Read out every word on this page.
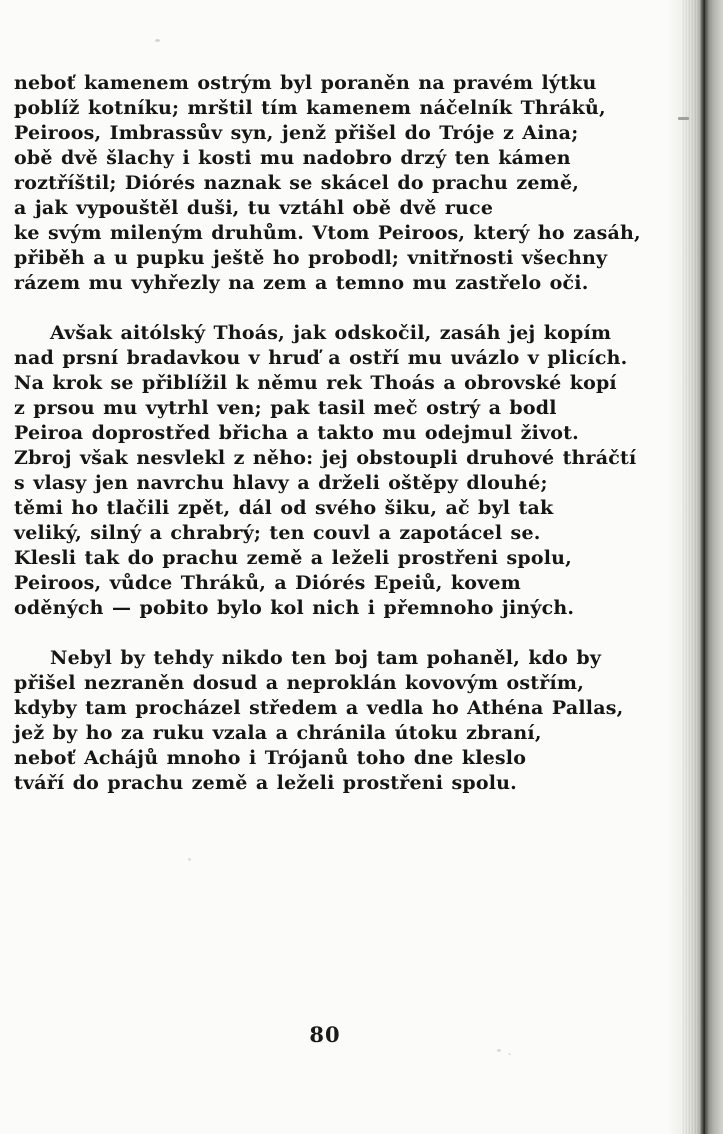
neboť kamenem ostrým byl poraněn na pravém lýtku
poblíž kotníku; mrštil tím kamenem náčelník Thráků,
Peiroos, Imbrassův syn, jenž přišel do Tróje z Aina;
obě dvě šlachy i kosti mu nadobro drzý ten kámen
roztříštil; Diórés naznak se skácel do prachu země,
a jak vypouštěl duši, tu vztáhl obě dvě ruce
ke svým mileným druhům. Vtom Peiroos, který ho zasáh,
přiběh a u pupku ještě ho probodl; vnitřnosti všechny
rázem mu vyhřezly na zem a temno mu zastřelo oči.
Avšak aitólský Thoás, jak odskočil, zasáh jej kopím
nad prsní bradavkou v hruď a ostří mu uvázlo v plicích.
Na krok se přiblížil k němu rek Thoás a obrovské kopí
z prsou mu vytrhl ven; pak tasil meč ostrý a bodl
Peiroa doprostřed břicha a takto mu odejmul život.
Zbroj však nesvlekl z něho: jej obstoupli druhové thráčtí
s vlasy jen navrchu hlavy a drželi oštěpy dlouhé;
těmi ho tlačili zpět, dál od svého šiku, ač byl tak
veliký, silný a chrabrý; ten couvl a zapotácel se.
Klesli tak do prachu země a leželi prostřeni spolu,
Peiroos, vůdce Thráků, a Diórés Epeiů, kovem
oděných — pobito bylo kol nich i přemnoho jiných.
Nebyl by tehdy nikdo ten boj tam pohaněl, kdo by
přišel nezraněn dosud a neproklán kovovým ostřím,
kdyby tam procházel středem a vedla ho Athéna Pallas,
jež by ho za ruku vzala a chránila útoku zbraní,
neboť Achájů mnoho i Trójanů toho dne kleslo
tváří do prachu země a leželi prostřeni spolu.
80
